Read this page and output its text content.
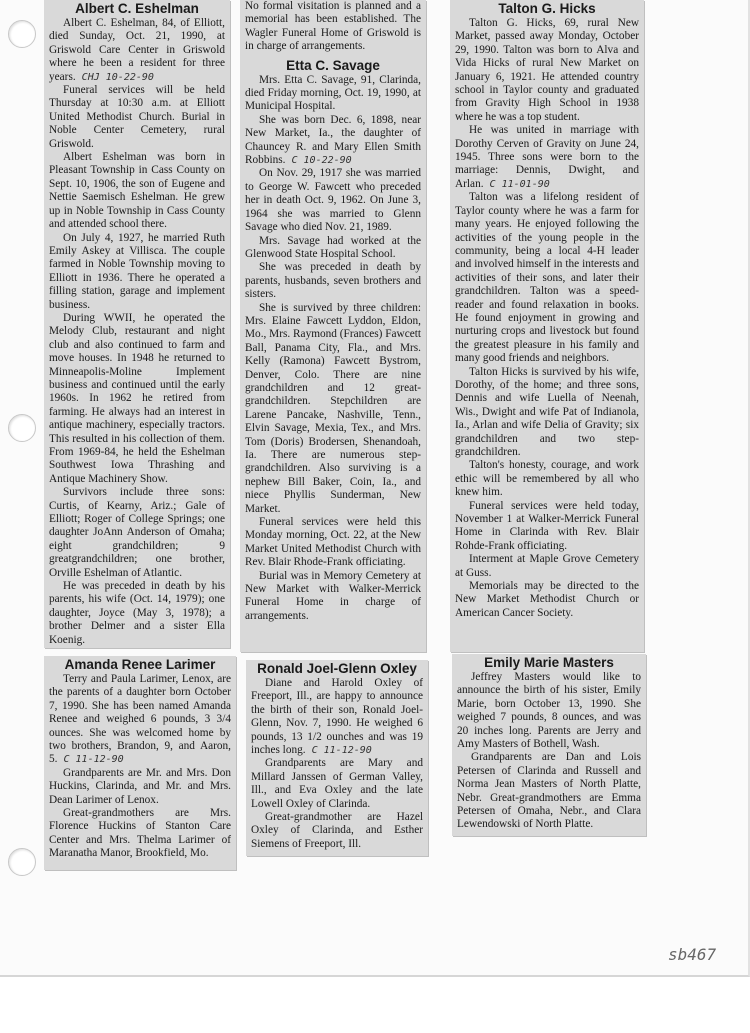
Albert C. Eshelman

Albert C. Eshelman, 84, of Elliott, died Sunday, Oct. 21, 1990, at Griswold Care Center in Griswold where he been a resident for three years. CHJ 10-22-90

Funeral services will be held Thursday at 10:30 a.m. at Elliott United Methodist Church. Burial in Noble Center Cemetery, rural Griswold.

Albert Eshelman was born in Pleasant Township in Cass County on Sept. 10, 1906, the son of Eugene and Nettie Saemisch Eshelman. He grew up in Noble Township in Cass County and attended school there.

On July 4, 1927, he married Ruth Emily Askey at Villisca. The couple farmed in Noble Township moving to Elliott in 1936. There he operated a filling station, garage and implement business.

During WWII, he operated the Melody Club, restaurant and night club and also continued to farm and move houses. In 1948 he returned to Minneapolis-Moline Implement business and continued until the early 1960s. In 1962 he retired from farming. He always had an interest in antique machinery, especially tractors. This resulted in his collection of them. From 1969-84, he held the Eshelman Southwest Iowa Thrashing and Antique Machinery Show.

Survivors include three sons: Curtis, of Kearny, Ariz.; Gale of Elliott; Roger of College Springs; one daughter JoAnn Anderson of Omaha; eight grandchildren; 9 greatgrandchildren; one brother, Orville Eshelman of Atlantic.

He was preceded in death by his parents, his wife (Oct. 14, 1979); one daughter, Joyce (May 3, 1978); a brother Delmer and a sister Ella Koenig.

No formal visitation is planned and a memorial has been established. The Wagler Funeral Home of Griswold is in charge of arrangements.

Etta C. Savage

Mrs. Etta C. Savage, 91, Clarinda, died Friday morning, Oct. 19, 1990, at Municipal Hospital.

She was born Dec. 6, 1898, near New Market, Ia., the daughter of Chauncey R. and Mary Ellen Smith Robbins. C 10-22-90

On Nov. 29, 1917 she was married to George W. Fawcett who preceded her in death Oct. 9, 1962. On June 3, 1964 she was married to Glenn Savage who died Nov. 21, 1989.

Mrs. Savage had worked at the Glenwood State Hospital School.

She was preceded in death by parents, husbands, seven brothers and sisters.

She is survived by three children: Mrs. Elaine Fawcett Lyddon, Eldon, Mo., Mrs. Raymond (Frances) Fawcett Ball, Panama City, Fla., and Mrs. Kelly (Ramona) Fawcett Bystrom, Denver, Colo. There are nine grandchildren and 12 great-grandchildren. Stepchildren are Larene Pancake, Nashville, Tenn., Elvin Savage, Mexia, Tex., and Mrs. Tom (Doris) Brodersen, Shenandoah, Ia. There are numerous step-grandchildren. Also surviving is a nephew Bill Baker, Coin, Ia., and niece Phyllis Sunderman, New Market.

Funeral services were held this Monday morning, Oct. 22, at the New Market United Methodist Church with Rev. Blair Rhode-Frank officiating.

Burial was in Memory Cemetery at New Market with Walker-Merrick Funeral Home in charge of arrangements.

Talton G. Hicks

Talton G. Hicks, 69, rural New Market, passed away Monday, October 29, 1990. Talton was born to Alva and Vida Hicks of rural New Market on January 6, 1921. He attended country school in Taylor county and graduated from Gravity High School in 1938 where he was a top student.

He was united in marriage with Dorothy Cerven of Gravity on June 24, 1945. Three sons were born to the marriage: Dennis, Dwight, and Arlan. C 11-01-90

Talton was a lifelong resident of Taylor county where he was a farm for many years. He enjoyed following the activities of the young people in the community, being a local 4-H leader and involved himself in the interests and activities of their sons, and later their grandchildren. Talton was a speed-reader and found relaxation in books. He found enjoyment in growing and nurturing crops and livestock but found the greatest pleasure in his family and many good friends and neighbors.

Talton Hicks is survived by his wife, Dorothy, of the home; and three sons, Dennis and wife Luella of Neenah, Wis., Dwight and wife Pat of Indianola, Ia., Arlan and wife Delia of Gravity; six grandchildren and two step-grandchildren.

Talton's honesty, courage, and work ethic will be remembered by all who knew him.

Funeral services were held today, November 1 at Walker-Merrick Funeral Home in Clarinda with Rev. Blair Rohde-Frank officiating.

Interment at Maple Grove Cemetery at Guss.

Memorials may be directed to the New Market Methodist Church or American Cancer Society.

Amanda Renee Larimer

Terry and Paula Larimer, Lenox, are the parents of a daughter born October 7, 1990. She has been named Amanda Renee and weighed 6 pounds, 3 3/4 ounces. She was welcomed home by two brothers, Brandon, 9, and Aaron, 5. C 11-12-90

Grandparents are Mr. and Mrs. Don Huckins, Clarinda, and Mr. and Mrs. Dean Larimer of Lenox.

Great-grandmothers are Mrs. Florence Huckins of Stanton Care Center and Mrs. Thelma Larimer of Maranatha Manor, Brookfield, Mo.

Ronald Joel-Glenn Oxley

Diane and Harold Oxley of Freeport, Ill., are happy to announce the birth of their son, Ronald Joel-Glenn, Nov. 7, 1990. He weighed 6 pounds, 13 1/2 ounches and was 19 inches long. C 11-12-90

Grandparents are Mary and Millard Janssen of German Valley, Ill., and Eva Oxley and the late Lowell Oxley of Clarinda.

Great-grandmother are Hazel Oxley of Clarinda, and Esther Siemens of Freeport, Ill.

Emily Marie Masters

Jeffrey Masters would like to announce the birth of his sister, Emily Marie, born October 13, 1990. She weighed 7 pounds, 8 ounces, and was 20 inches long. Parents are Jerry and Amy Masters of Bothell, Wash.

Grandparents are Dan and Lois Petersen of Clarinda and Russell and Norma Jean Masters of North Platte, Nebr. Great-grandmothers are Emma Petersen of Omaha, Nebr., and Clara Lewendowski of North Platte.

sb467
